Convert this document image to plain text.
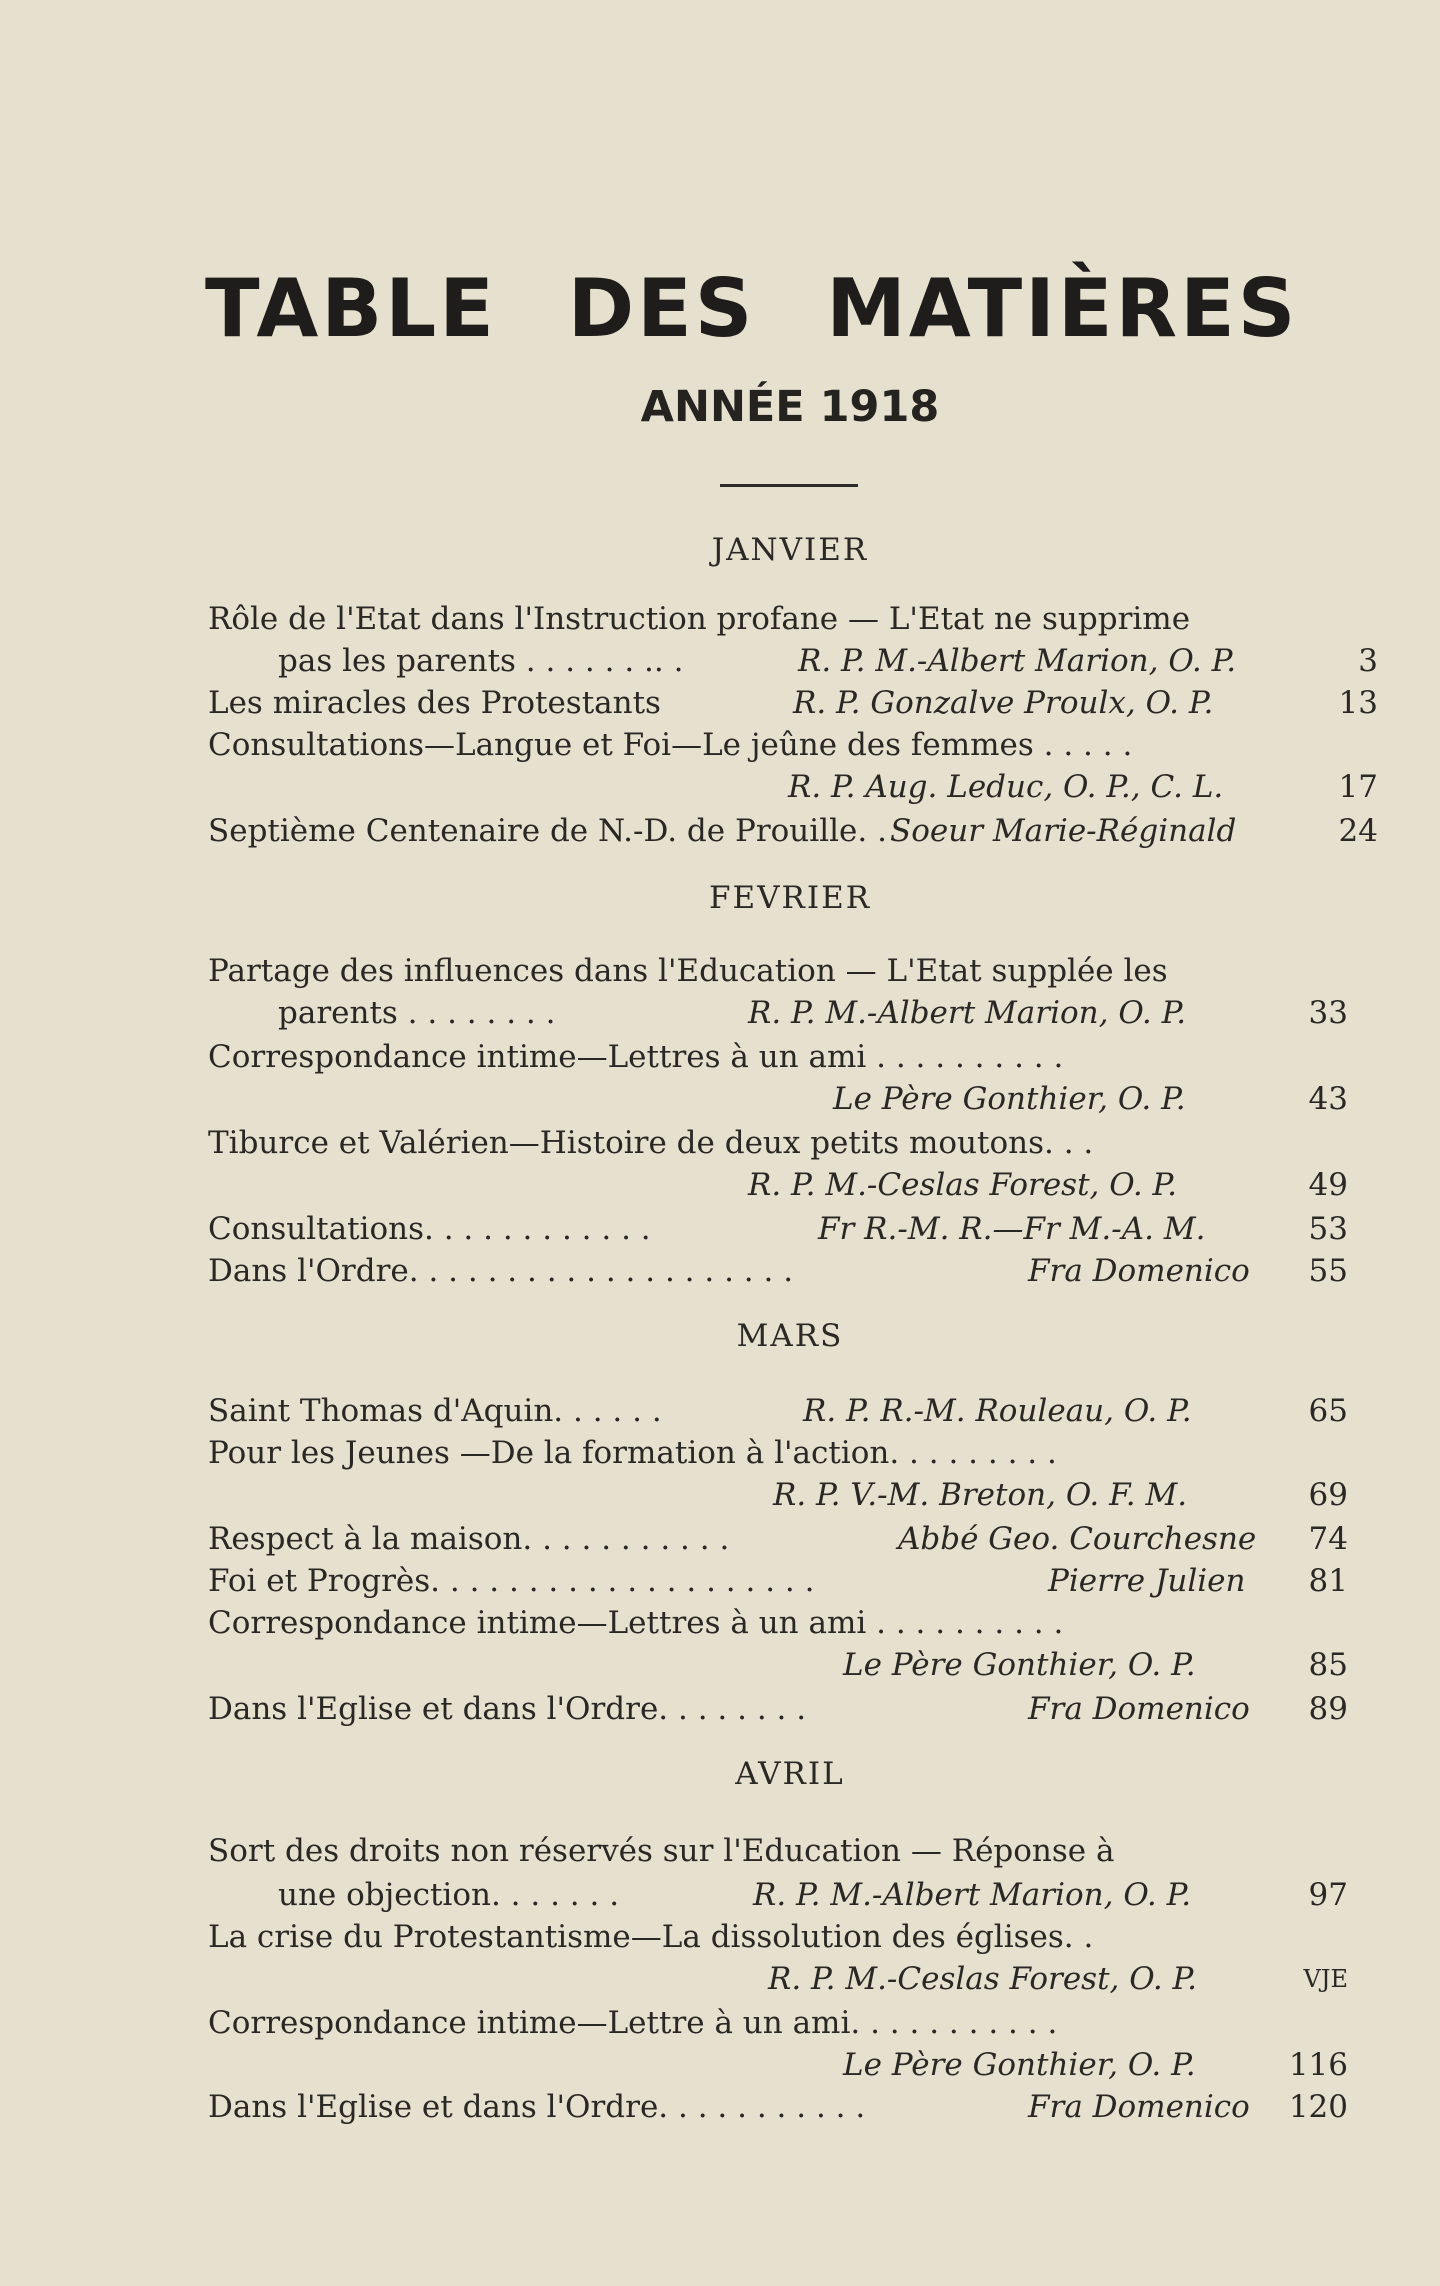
TABLE DES MATIÈRES
ANNÉE 1918
JANVIER
Rôle de l'Etat dans l'Instruction profane — L'Etat ne supprime
pas les parents . . . . . . .. .	R. P. M.-Albert Marion, O. P.	3
Les miracles des Protestants	R. P. Gonzalve Proulx, O. P.	13
Consultations—Langue et Foi—Le jeûne des femmes . . . . .
R. P. Aug. Leduc, O. P., C. L.	17
Septième Centenaire de N.-D. de Prouille. . Soeur Marie-Réginald	24
FEVRIER
Partage des influences dans l'Education — L'Etat supplée les
parents . . . . . . . .	R. P. M.-Albert Marion, O. P.	33
Correspondance intime—Lettres à un ami . . . . . . . . . .
Le Père Gonthier, O. P.	43
Tiburce et Valérien—Histoire de deux petits moutons. . .
R. P. M.-Ceslas Forest, O. P.	49
Consultations. . . . . . . . . . . .	Fr R.-M. R.—Fr M.-A. M.	53
Dans l'Ordre. . . . . . . . . . . . . . . . . . . .	Fra Domenico	55
MARS
Saint Thomas d'Aquin. . . . . .	R. P. R.-M. Rouleau, O. P.	65
Pour les Jeunes —De la formation à l'action. . . . . . . . .
R. P. V.-M. Breton, O. F. M.	69
Respect à la maison. . . . . . . . . . .	Abbé Geo. Courchesne	74
Foi et Progrès. . . . . . . . . . . . . . . . . . . .	Pierre Julien	81
Correspondance intime—Lettres à un ami . . . . . . . . . .
Le Père Gonthier, O. P.	85
Dans l'Eglise et dans l'Ordre. . . . . . . .	Fra Domenico	89
AVRIL
Sort des droits non réservés sur l'Education — Réponse à
une objection. . . . . . .	R. P. M.-Albert Marion, O. P.	97
La crise du Protestantisme—La dissolution des églises. .
R. P. M.-Ceslas Forest, O. P.	VJE
Correspondance intime—Lettre à un ami. . . . . . . . . . .
Le Père Gonthier, O. P.	116
Dans l'Eglise et dans l'Ordre. . . . . . . . . . .	Fra Domenico	120
